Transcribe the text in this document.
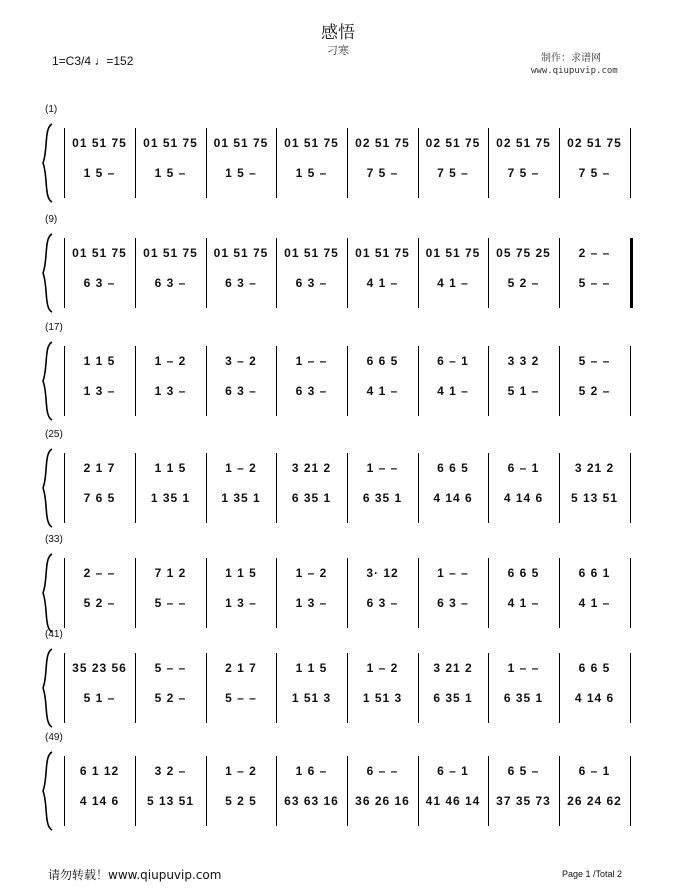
感悟
刁寒
1=C3/4 ♩=152	制作：求谱网
www.qiupuvip.com
(1)
01 51 75	01 51 75	01 51 75	01 51 75	02 51 75	02 51 75	02 51 75	02 51 75
1 5 –	1 5 –	1 5 –	1 5 –	7 5 –	7 5 –	7 5 –	7 5 –
(9)
01 51 75	01 51 75	01 51 75	01 51 75	01 51 75	01 51 75	05 75 25	2 – –
6 3 –	6 3 –	6 3 –	6 3 –	4 1 –	4 1 –	5 2 –	5 – –
(17)
1 1 5	1 – 2	3 – 2	1 – –	6 6 5	6 – 1	3 3 2	5 – –
1 3 –	1 3 –	6 3 –	6 3 –	4 1 –	4 1 –	5 1 –	5 2 –
(25)
2 1 7	1 1 5	1 – 2	3 21 2	1 – –	6 6 5	6 – 1	3 21 2
7 6 5	1 35 1	1 35 1	6 35 1	6 35 1	4 14 6	4 14 6	5 13 51
(33)
2 – –	7 1 2	1 1 5	1 – 2	3· 12	1 – –	6 6 5	6 6 1
5 2 –	5 – –	1 3 –	1 3 –	6 3 –	6 3 –	4 1 –	4 1 –
(41)
35 23 56	5 – –	2 1 7	1 1 5	1 – 2	3 21 2	1 – –	6 6 5
5 1 –	5 2 –	5 – –	1 51 3	1 51 3	6 35 1	6 35 1	4 14 6
(49)
6 1 12	3 2 –	1 – 2	1 6 –	6 – –	6 – 1	6 5 –	6 – 1
4 14 6	5 13 51	5 2 5	63 63 16	36 26 16	41 46 14	37 35 73	26 24 62
请勿转载！www.qiupuvip.com	Page 1 /Total 2
